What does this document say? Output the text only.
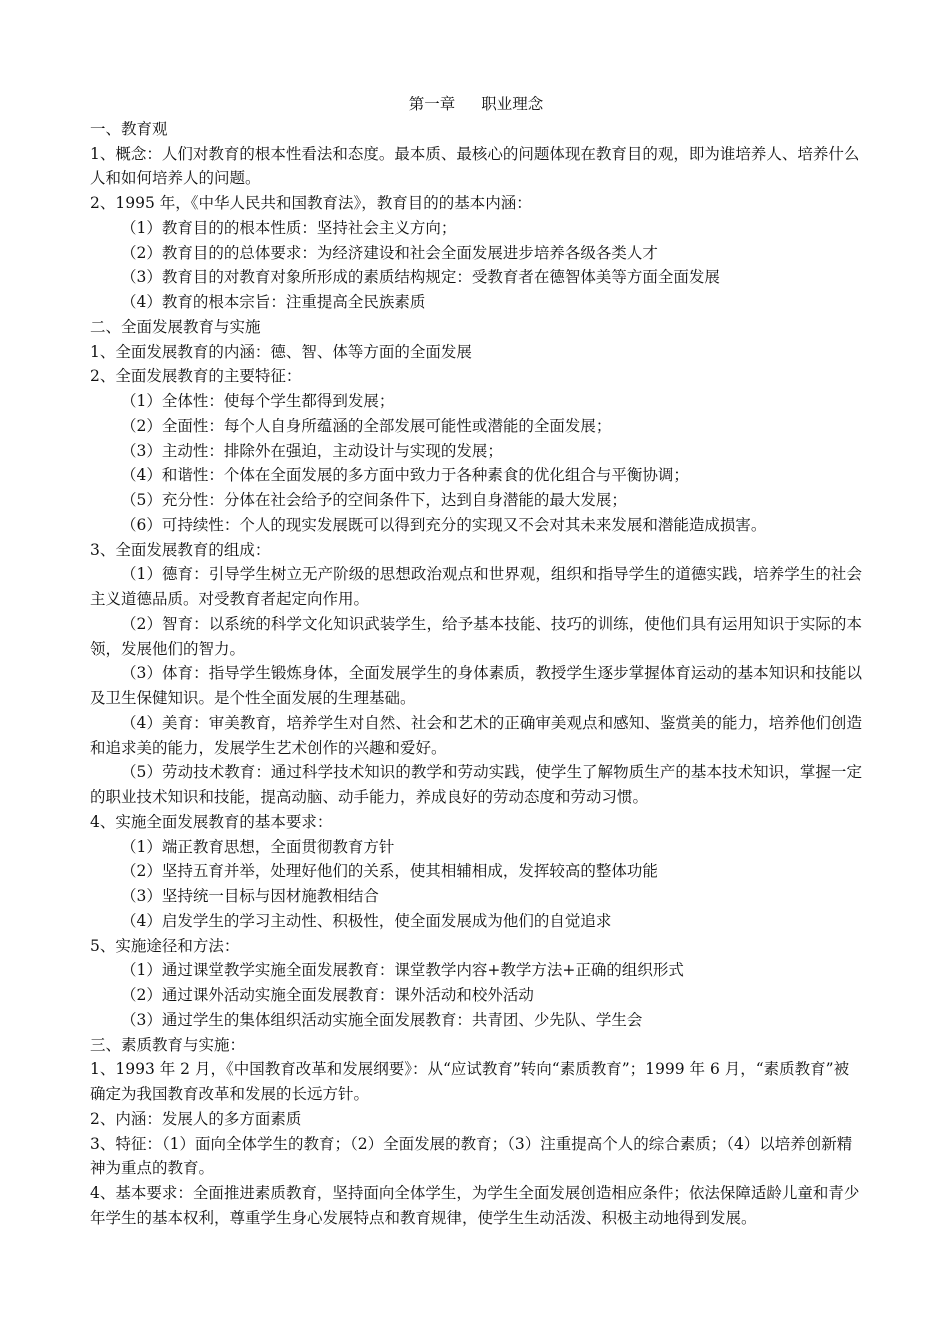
第一章 职业理念

一、教育观

1、概念：人们对教育的根本性看法和态度。最本质、最核心的问题体现在教育目的观，即为谁培养人、培养什么人和如何培养人的问题。

2、1995 年，《中华人民共和国教育法》，教育目的的基本内涵：

（1）教育目的的根本性质：坚持社会主义方向；

（2）教育目的的总体要求：为经济建设和社会全面发展进步培养各级各类人才

（3）教育目的对教育对象所形成的素质结构规定：受教育者在德智体美等方面全面发展

（4）教育的根本宗旨：注重提高全民族素质

二、全面发展教育与实施

1、全面发展教育的内涵：德、智、体等方面的全面发展

2、全面发展教育的主要特征：

（1）全体性：使每个学生都得到发展；

（2）全面性：每个人自身所蕴涵的全部发展可能性或潜能的全面发展；

（3）主动性：排除外在强迫，主动设计与实现的发展；

（4）和谐性：个体在全面发展的多方面中致力于各种素食的优化组合与平衡协调；

（5）充分性：分体在社会给予的空间条件下，达到自身潜能的最大发展；

（6）可持续性：个人的现实发展既可以得到充分的实现又不会对其未来发展和潜能造成损害。

3、全面发展教育的组成：

（1）德育：引导学生树立无产阶级的思想政治观点和世界观，组织和指导学生的道德实践，培养学生的社会主义道德品质。对受教育者起定向作用。

（2）智育：以系统的科学文化知识武装学生，给予基本技能、技巧的训练，使他们具有运用知识于实际的本领，发展他们的智力。

（3）体育：指导学生锻炼身体，全面发展学生的身体素质，教授学生逐步掌握体育运动的基本知识和技能以及卫生保健知识。是个性全面发展的生理基础。

（4）美育：审美教育，培养学生对自然、社会和艺术的正确审美观点和感知、鉴赏美的能力，培养他们创造和追求美的能力，发展学生艺术创作的兴趣和爱好。

（5）劳动技术教育：通过科学技术知识的教学和劳动实践，使学生了解物质生产的基本技术知识，掌握一定的职业技术知识和技能，提高动脑、动手能力，养成良好的劳动态度和劳动习惯。

4、实施全面发展教育的基本要求：

（1）端正教育思想，全面贯彻教育方针

（2）坚持五育并举，处理好他们的关系，使其相辅相成，发挥较高的整体功能

（3）坚持统一目标与因材施教相结合

（4）启发学生的学习主动性、积极性，使全面发展成为他们的自觉追求

5、实施途径和方法：

（1）通过课堂教学实施全面发展教育：课堂教学内容+教学方法+正确的组织形式

（2）通过课外活动实施全面发展教育：课外活动和校外活动

（3）通过学生的集体组织活动实施全面发展教育：共青团、少先队、学生会

三、素质教育与实施：

1、1993 年 2 月，《中国教育改革和发展纲要》：从“应试教育”转向“素质教育”；1999 年 6 月，“素质教育”被确定为我国教育改革和发展的长远方针。

2、内涵：发展人的多方面素质

3、特征：（1）面向全体学生的教育；（2）全面发展的教育；（3）注重提高个人的综合素质；（4）以培养创新精神为重点的教育。

4、基本要求：全面推进素质教育，坚持面向全体学生，为学生全面发展创造相应条件；依法保障适龄儿童和青少年学生的基本权利，尊重学生身心发展特点和教育规律，使学生生动活泼、积极主动地得到发展。
